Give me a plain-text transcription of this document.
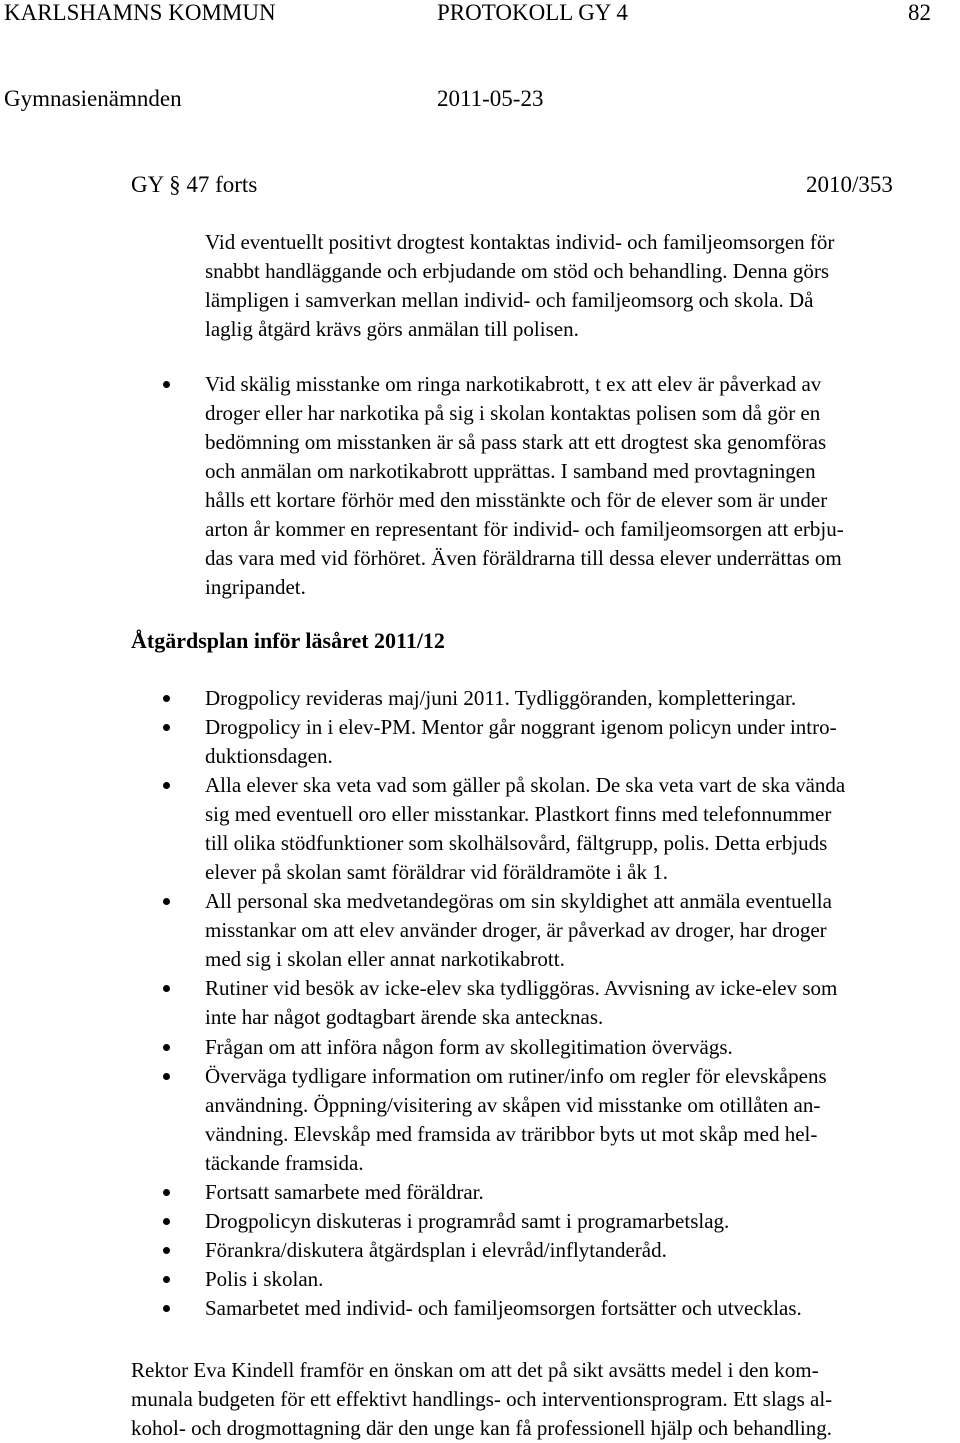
KARLSHAMNS KOMMUN	PROTOKOLL GY 4	82
Gymnasienämnden	2011-05-23
GY § 47 forts	2010/353
Vid eventuellt positivt drogtest kontaktas individ- och familjeomsorgen för
snabbt handläggande och erbjudande om stöd och behandling. Denna görs
lämpligen i samverkan mellan individ- och familjeomsorg och skola. Då
laglig åtgärd krävs görs anmälan till polisen.
Vid skälig misstanke om ringa narkotikabrott, t ex att elev är påverkad av
droger eller har narkotika på sig i skolan kontaktas polisen som då gör en
bedömning om misstanken är så pass stark att ett drogtest ska genomföras
och anmälan om narkotikabrott upprättas. I samband med provtagningen
hålls ett kortare förhör med den misstänkte och för de elever som är under
arton år kommer en representant för individ- och familjeomsorgen att erbju-
das vara med vid förhöret. Även föräldrarna till dessa elever underrättas om
ingripandet.
Åtgärdsplan inför läsåret 2011/12
Drogpolicy revideras maj/juni 2011. Tydliggöranden, kompletteringar.
Drogpolicy in i elev-PM. Mentor går noggrant igenom policyn under intro-
duktionsdagen.
Alla elever ska veta vad som gäller på skolan. De ska veta vart de ska vända
sig med eventuell oro eller misstankar. Plastkort finns med telefonnummer
till olika stödfunktioner som skolhälsovård, fältgrupp, polis. Detta erbjuds
elever på skolan samt föräldrar vid föräldramöte i åk 1.
All personal ska medvetandegöras om sin skyldighet att anmäla eventuella
misstankar om att elev använder droger, är påverkad av droger, har droger
med sig i skolan eller annat narkotikabrott.
Rutiner vid besök av icke-elev ska tydliggöras. Avvisning av icke-elev som
inte har något godtagbart ärende ska antecknas.
Frågan om att införa någon form av skollegitimation övervägs.
Överväga tydligare information om rutiner/info om regler för elevskåpens
användning. Öppning/visitering av skåpen vid misstanke om otillåten an-
vändning. Elevskåp med framsida av träribbor byts ut mot skåp med hel-
täckande framsida.
Fortsatt samarbete med föräldrar.
Drogpolicyn diskuteras i programråd samt i programarbetslag.
Förankra/diskutera åtgärdsplan i elevråd/inflytanderåd.
Polis i skolan.
Samarbetet med individ- och familjeomsorgen fortsätter och utvecklas.
Rektor Eva Kindell framför en önskan om att det på sikt avsätts medel i den kom-
munala budgeten för ett effektivt handlings- och interventionsprogram. Ett slags al-
kohol- och drogmottagning där den unge kan få professionell hjälp och behandling.
